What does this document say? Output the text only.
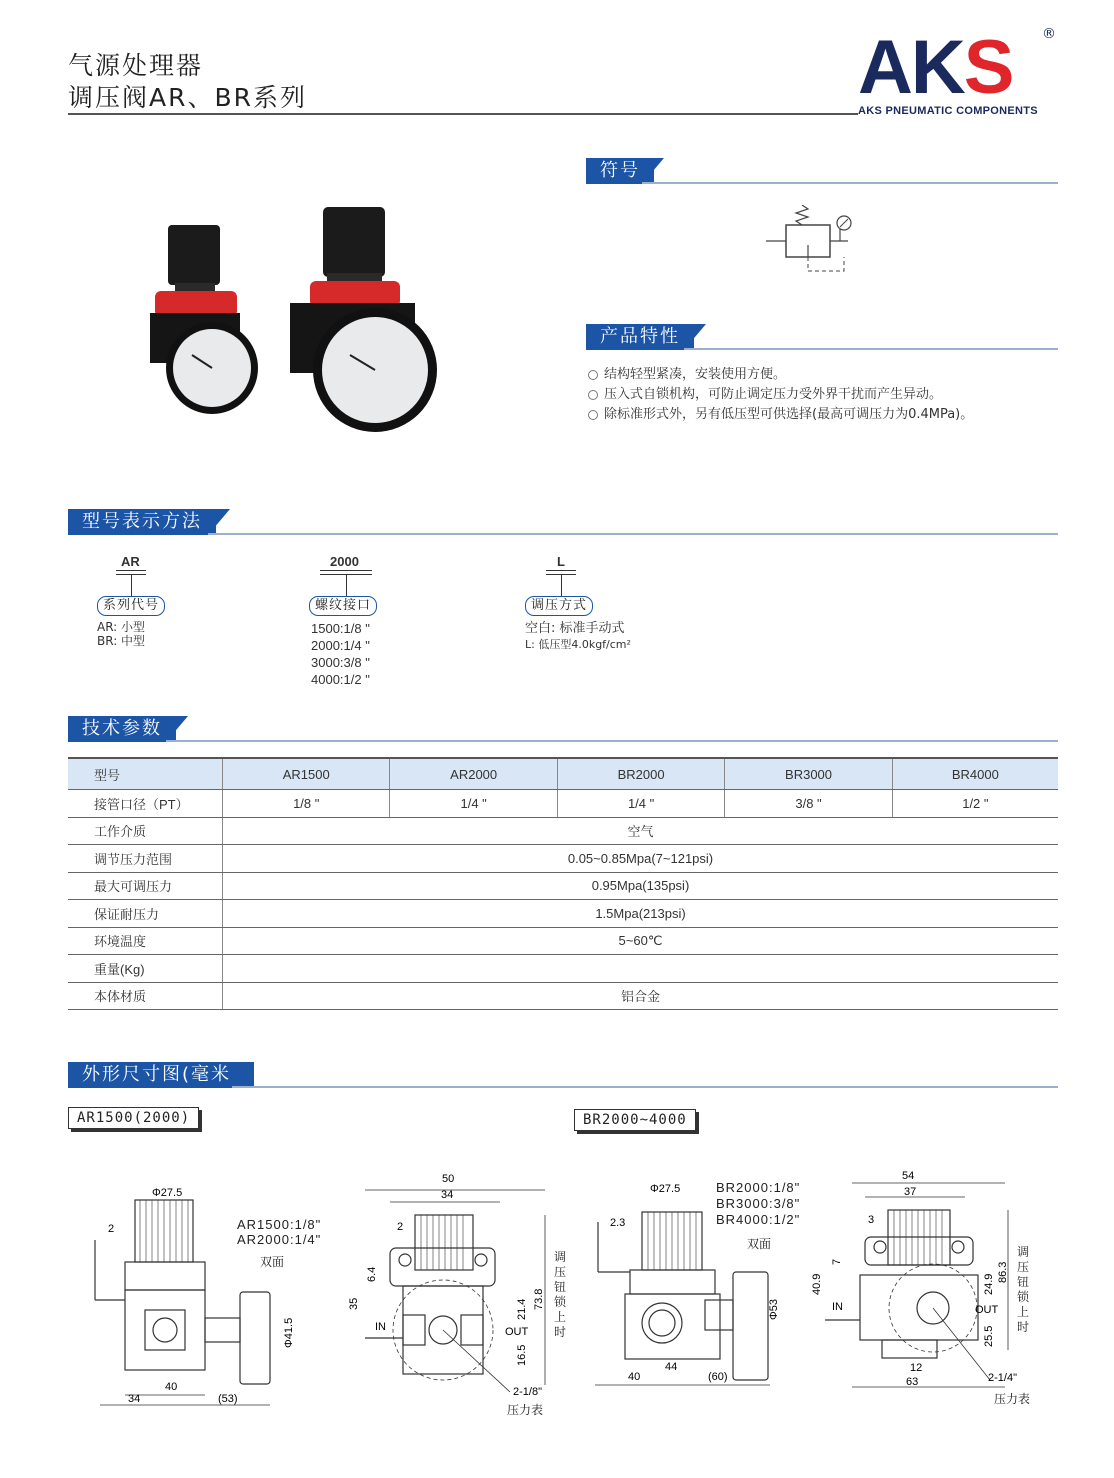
气源处理器
调压阀AR、BR系列	AKS ®
AKS PNEUMATIC COMPONENTS
符号
产品特性
结构轻型紧凑，安装使用方便。
压入式自锁机构，可防止调定压力受外界干扰而产生异动。
除标准形式外，另有低压型可供选择(最高可调压力为0.4MPa)。
型号表示方法
AR
系列代号
AR: 小型
BR: 中型
2000
螺纹接口
1500:1/8 "
2000:1/4 "
3000:3/8 "
4000:1/2 "
L
调压方式
空白: 标准手动式
L: 低压型4.0kgf/cm²
技术参数
型号	AR1500	AR2000	BR2000	BR3000	BR4000
接管口径（PT）	1/8 "	1/4 "	1/4 "	3/8 "	1/2 "
工作介质	空气				
调节压力范围	0.05~0.85Mpa(7~121psi)				
最大可调压力	0.95Mpa(135psi)				
保证耐压力	1.5Mpa(213psi)				
环境温度	5~60℃				
重量(Kg)					
本体材质	铝合金				
外形尺寸图(毫米)
AR1500(2000)	BR2000~4000
Φ27.5
2
Φ41.5
40
34	(53)
AR1500:1/8"
AR2000:1/4"
双面
50
34
2
6.4
35	21.4 73.8
16.5
IN	OUT
2-1/8"
压力表
调压钮锁上时
Φ27.5
2.3
Φ53
44
40	(60)
BR2000:1/8"
BR3000:3/8"
BR4000:1/2"
双面
54
37
3
7
40.9	24.9
86.3
25.5
12
63
IN	OUT
2-1/4"
压力表
调压钮锁上时
